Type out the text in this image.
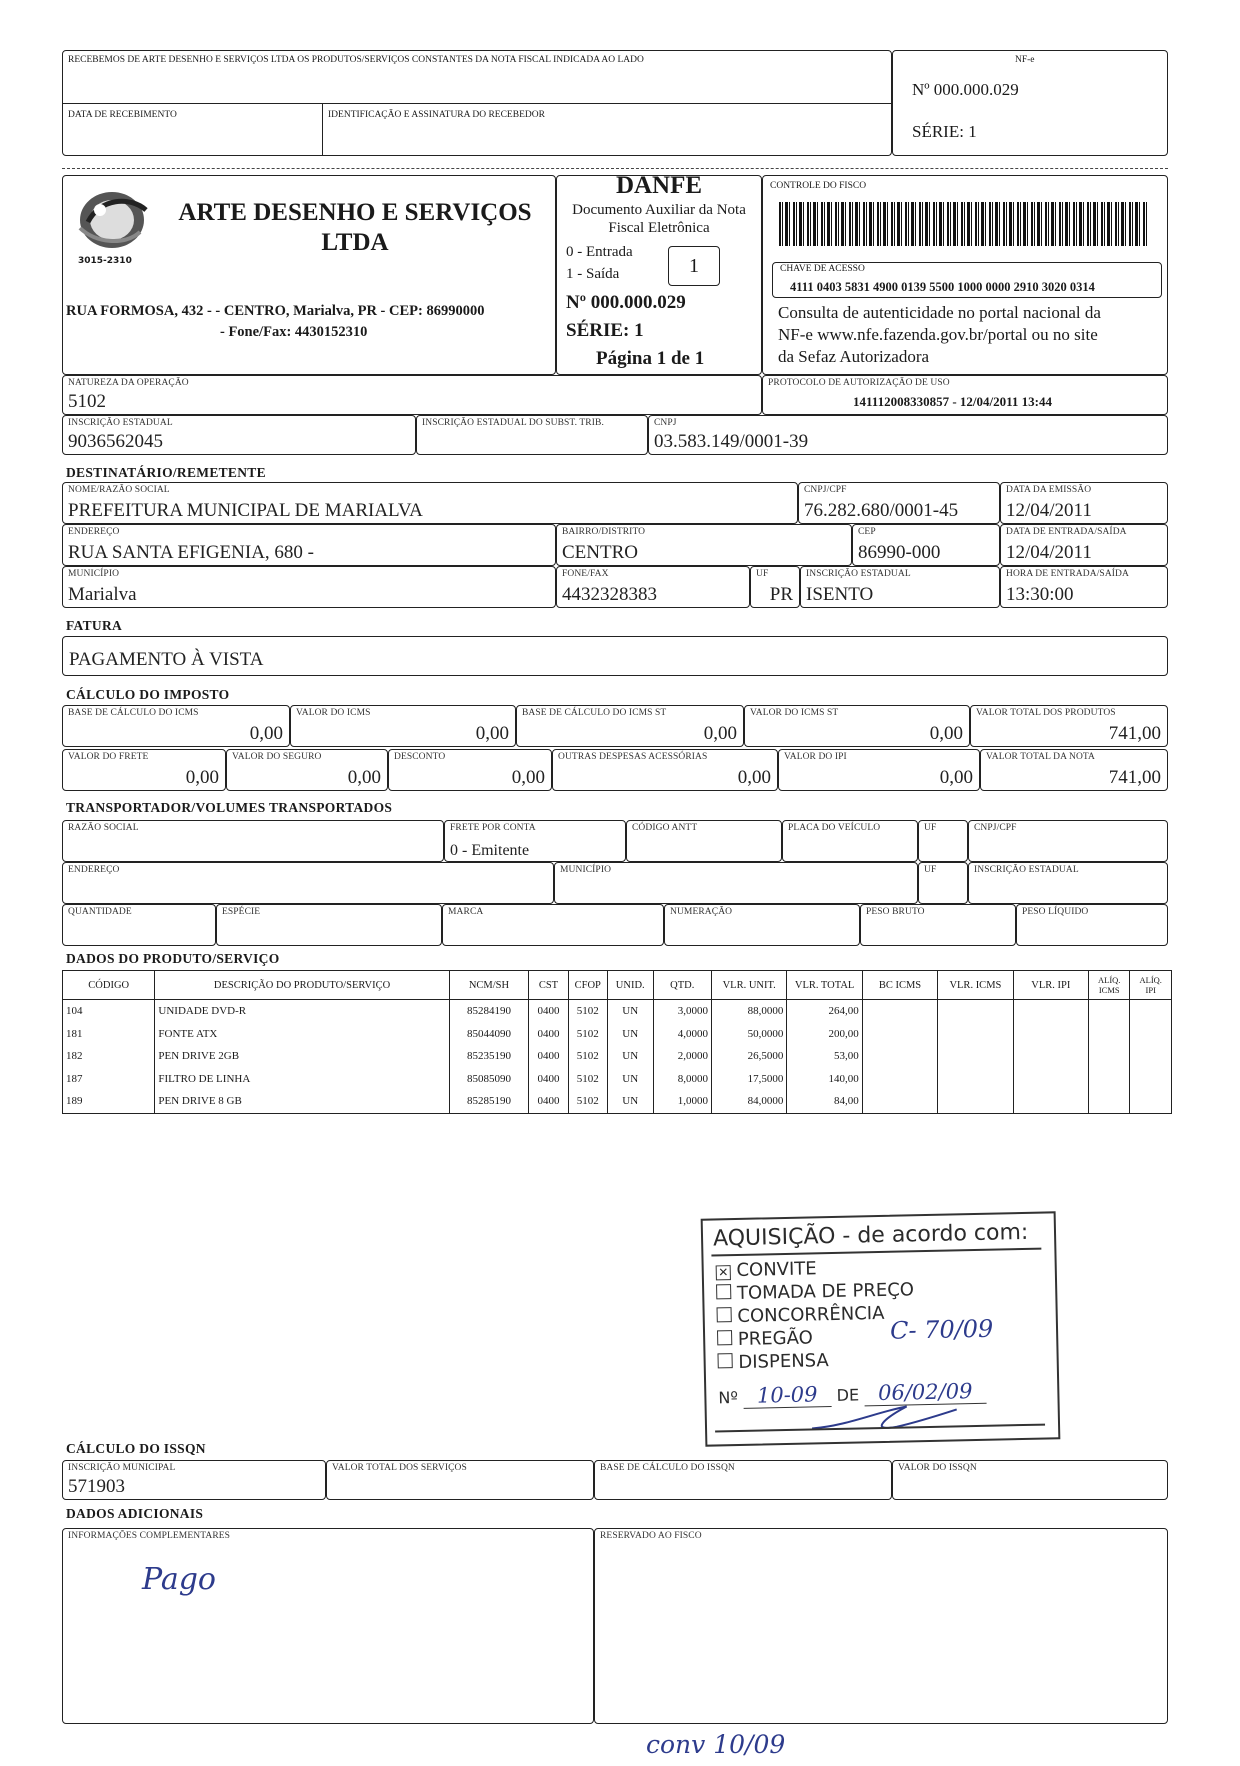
RECEBEMOS DE ARTE DESENHO E SERVIÇOS LTDA OS PRODUTOS/SERVIÇOS CONSTANTES DA NOTA FISCAL INDICADA AO LADO
DATA DE RECEBIMENTO	IDENTIFICAÇÃO E ASSINATURA DO RECEBEDOR
NF-e
Nº 000.000.029
SÉRIE: 1
3015-2310
ARTE DESENHO E SERVIÇOS
LTDA
RUA FORMOSA, 432 - - CENTRO, Marialva, PR - CEP: 86990000
- Fone/Fax: 4430152310
DANFE
Documento Auxiliar da Nota
Fiscal Eletrônica
0 - Entrada
1 - Saída	1
Nº 000.000.029
SÉRIE: 1
Página 1 de 1
CONTROLE DO FISCO
CHAVE DE ACESSO
4111 0403 5831 4900 0139 5500 1000 0000 2910 3020 0314
Consulta de autenticidade no portal nacional da
NF-e www.nfe.fazenda.gov.br/portal ou no site
da Sefaz Autorizadora
NATUREZA DA OPERAÇÃO
5102
PROTOCOLO DE AUTORIZAÇÃO DE USO
141112008330857 - 12/04/2011 13:44
INSCRIÇÃO ESTADUAL
9036562045
INSCRIÇÃO ESTADUAL DO SUBST. TRIB.	CNPJ
03.583.149/0001-39
DESTINATÁRIO/REMETENTE
NOME/RAZÃO SOCIAL
PREFEITURA MUNICIPAL DE MARIALVA
CNPJ/CPF
76.282.680/0001-45
DATA DA EMISSÃO
12/04/2011
ENDEREÇO
RUA SANTA EFIGENIA, 680 -
BAIRRO/DISTRITO
CENTRO
CEP
86990-000
DATA DE ENTRADA/SAÍDA
12/04/2011
MUNICÍPIO
Marialva
FONE/FAX
4432328383
UF
PR
INSCRIÇÃO ESTADUAL
ISENTO
HORA DE ENTRADA/SAÍDA
13:30:00
FATURA
PAGAMENTO À VISTA
CÁLCULO DO IMPOSTO
BASE DE CÁLCULO DO ICMS
0,00
VALOR DO ICMS
0,00
BASE DE CÁLCULO DO ICMS ST
0,00
VALOR DO ICMS ST
0,00
VALOR TOTAL DOS PRODUTOS
741,00
VALOR DO FRETE
0,00
VALOR DO SEGURO
0,00
DESCONTO
0,00
OUTRAS DESPESAS ACESSÓRIAS
0,00
VALOR DO IPI
0,00
VALOR TOTAL DA NOTA
741,00
TRANSPORTADOR/VOLUMES TRANSPORTADOS
RAZÃO SOCIAL	FRETE POR CONTA
0 - Emitente
CÓDIGO ANTT	PLACA DO VEÍCULO	UF	CNPJ/CPF
ENDEREÇO	MUNICÍPIO	UF	INSCRIÇÃO ESTADUAL
QUANTIDADE	ESPÉCIE	MARCA	NUMERAÇÃO	PESO BRUTO	PESO LÍQUIDO
DADOS DO PRODUTO/SERVIÇO
CÓDIGO	DESCRIÇÃO DO PRODUTO/SERVIÇO	NCM/SH	CST	CFOP	UNID.	QTD.	VLR. UNIT.	VLR. TOTAL	BC ICMS	VLR. ICMS	VLR. IPI	ALÍQ. ICMS	ALÍQ. IPI
104	UNIDADE DVD-R	85284190	0400	5102	UN	3,0000	88,0000	264,00					
181	FONTE ATX	85044090	0400	5102	UN	4,0000	50,0000	200,00					
182	PEN DRIVE 2GB	85235190	0400	5102	UN	2,0000	26,5000	53,00					
187	FILTRO DE LINHA	85085090	0400	5102	UN	8,0000	17,5000	140,00					
189	PEN DRIVE 8 GB	85285190	0400	5102	UN	1,0000	84,0000	84,00					
AQUISIÇÃO - de acordo com:
✕ CONVITE
TOMADA DE PREÇO
CONCORRÊNCIA
PREGÃO
DISPENSA
C- 70/09
Nº 10-09 DE 06/02/09
CÁLCULO DO ISSQN
INSCRIÇÃO MUNICIPAL
571903
VALOR TOTAL DOS SERVIÇOS	BASE DE CÁLCULO DO ISSQN	VALOR DO ISSQN
DADOS ADICIONAIS
INFORMAÇÕES COMPLEMENTARES
Pago
RESERVADO AO FISCO
conv 10/09
